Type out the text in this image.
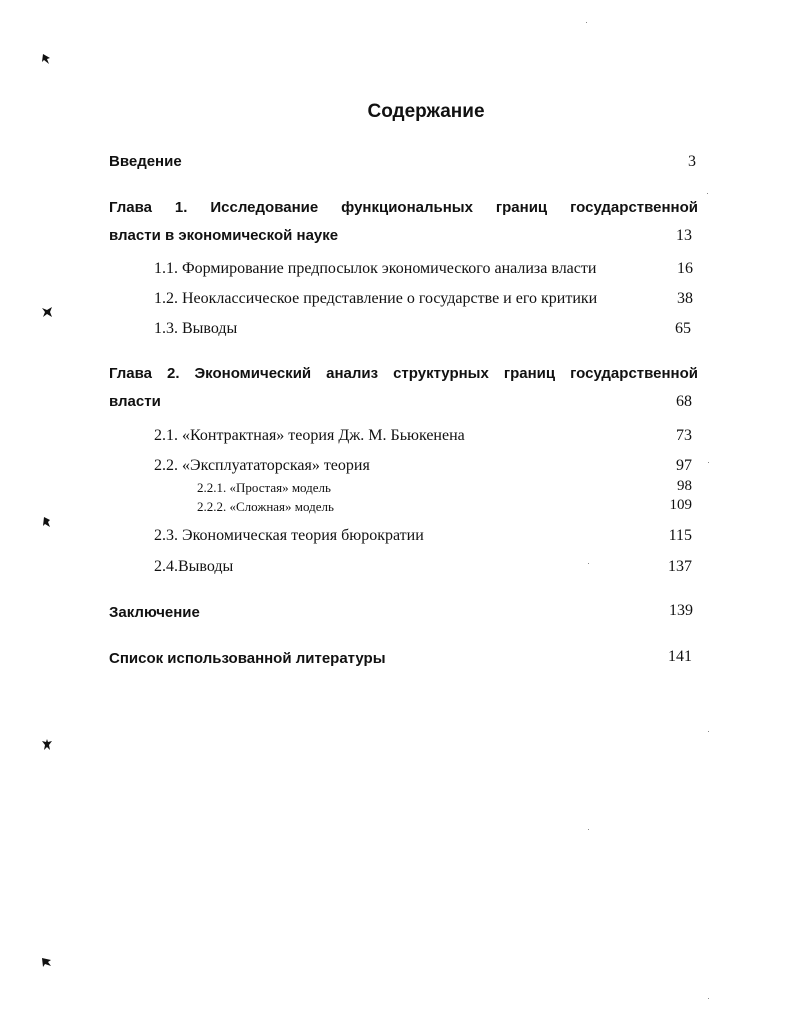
Содержание
Введение	3
Глава 1. Исследование функциональных границ государственной
власти в экономической науке	13
1.1. Формирование предпосылок экономического анализа власти	16
1.2. Неоклассическое представление о государстве и его критики	38
1.3. Выводы	65
Глава 2. Экономический анализ структурных границ государственной
власти	68
2.1. «Контрактная» теория Дж. М. Бьюкенена	73
2.2. «Эксплуататорская» теория	97
2.2.1. «Простая» модель	98
2.2.2. «Сложная» модель	109
2.3. Экономическая теория бюрократии	115
2.4.Выводы	137
Заключение	139
Список использованной литературы	141
